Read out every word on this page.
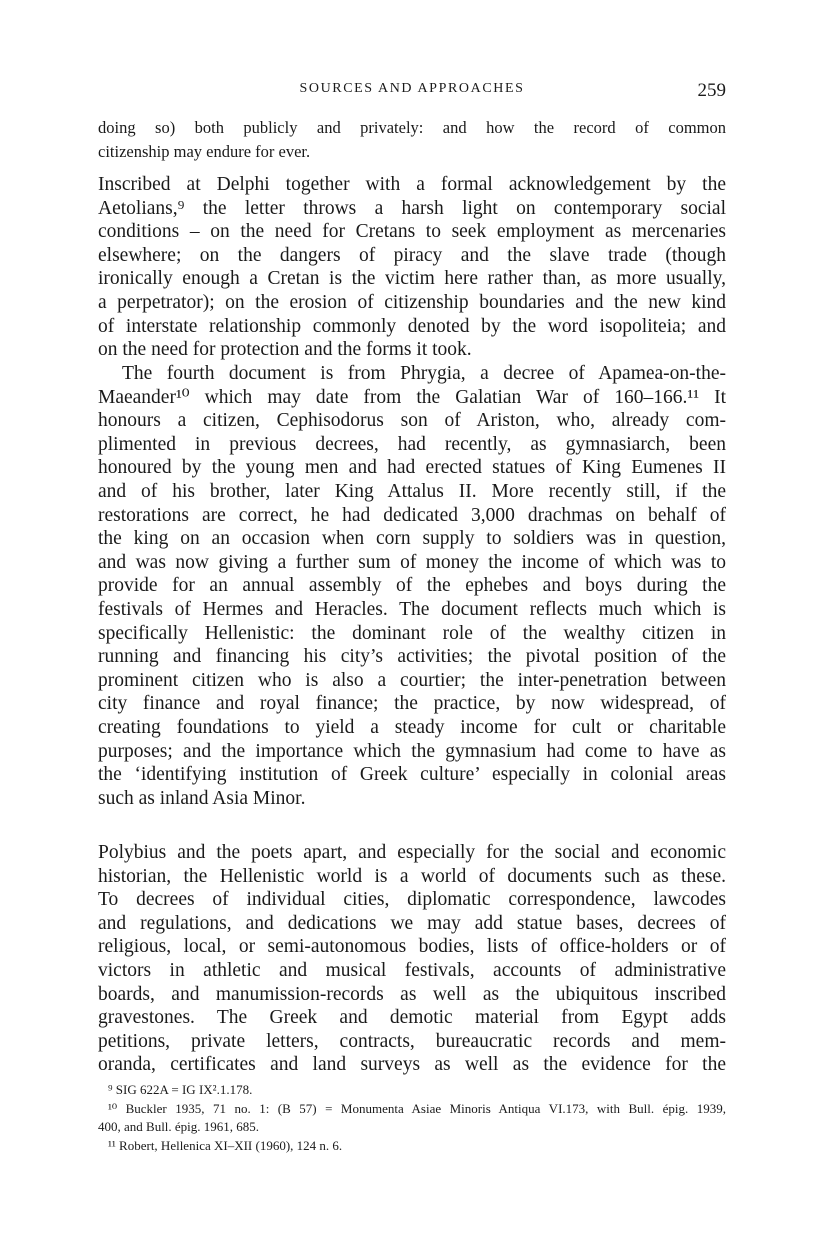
SOURCES AND APPROACHES	259
doing so) both publicly and privately: and how the record of common
citizenship may endure for ever.
Inscribed at Delphi together with a formal acknowledgement by the
Aetolians,⁹ the letter throws a harsh light on contemporary social
conditions – on the need for Cretans to seek employment as mercenaries
elsewhere; on the dangers of piracy and the slave trade (though
ironically enough a Cretan is the victim here rather than, as more usually,
a perpetrator); on the erosion of citizenship boundaries and the new kind
of interstate relationship commonly denoted by the word isopoliteia; and
on the need for protection and the forms it took.
The fourth document is from Phrygia, a decree of Apamea-on-the-
Maeander¹⁰ which may date from the Galatian War of 160–166.¹¹ It
honours a citizen, Cephisodorus son of Ariston, who, already com-
plimented in previous decrees, had recently, as gymnasiarch, been
honoured by the young men and had erected statues of King Eumenes II
and of his brother, later King Attalus II. More recently still, if the
restorations are correct, he had dedicated 3,000 drachmas on behalf of
the king on an occasion when corn supply to soldiers was in question,
and was now giving a further sum of money the income of which was to
provide for an annual assembly of the ephebes and boys during the
festivals of Hermes and Heracles. The document reflects much which is
specifically Hellenistic: the dominant role of the wealthy citizen in
running and financing his city’s activities; the pivotal position of the
prominent citizen who is also a courtier; the inter-penetration between
city finance and royal finance; the practice, by now widespread, of
creating foundations to yield a steady income for cult or charitable
purposes; and the importance which the gymnasium had come to have as
the ‘identifying institution of Greek culture’ especially in colonial areas
such as inland Asia Minor.
Polybius and the poets apart, and especially for the social and economic
historian, the Hellenistic world is a world of documents such as these.
To decrees of individual cities, diplomatic correspondence, lawcodes
and regulations, and dedications we may add statue bases, decrees of
religious, local, or semi-autonomous bodies, lists of office-holders or of
victors in athletic and musical festivals, accounts of administrative
boards, and manumission-records as well as the ubiquitous inscribed
gravestones. The Greek and demotic material from Egypt adds
petitions, private letters, contracts, bureaucratic records and mem-
oranda, certificates and land surveys as well as the evidence for the
⁹ SIG 622A = IG IX².1.178.
¹⁰ Buckler 1935, 71 no. 1: (B 57) = Monumenta Asiae Minoris Antiqua VI.173, with Bull. épig. 1939,
400, and Bull. épig. 1961, 685.
¹¹ Robert, Hellenica XI–XII (1960), 124 n. 6.
